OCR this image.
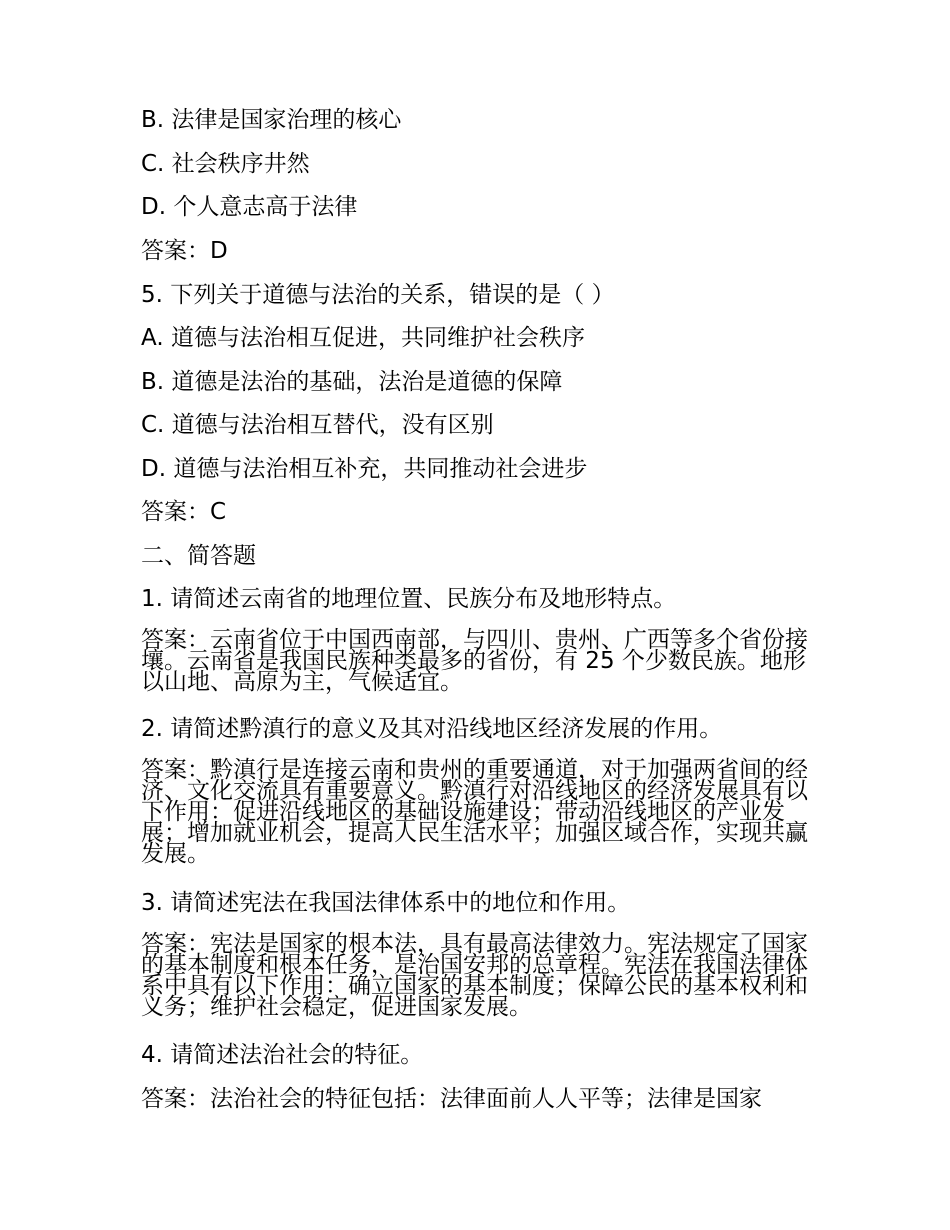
B. 法律是国家治理的核心
C. 社会秩序井然
D. 个人意志高于法律
答案：D
5. 下列关于道德与法治的关系，错误的是（ ）
A. 道德与法治相互促进，共同维护社会秩序
B. 道德是法治的基础，法治是道德的保障
C. 道德与法治相互替代，没有区别
D. 道德与法治相互补充，共同推动社会进步
答案：C
二、简答题
1. 请简述云南省的地理位置、民族分布及地形特点。
答案：云南省位于中国西南部，与四川、贵州、广西等多个省份接壤。云南省是我国民族种类最多的省份，有 25 个少数民族。地形以山地、高原为主，气候适宜。
2. 请简述黔滇行的意义及其对沿线地区经济发展的作用。
答案：黔滇行是连接云南和贵州的重要通道，对于加强两省间的经济、文化交流具有重要意义。黔滇行对沿线地区的经济发展具有以下作用：促进沿线地区的基础设施建设；带动沿线地区的产业发展；增加就业机会，提高人民生活水平；加强区域合作，实现共赢发展。
3. 请简述宪法在我国法律体系中的地位和作用。
答案：宪法是国家的根本法，具有最高法律效力。宪法规定了国家的基本制度和根本任务，是治国安邦的总章程。宪法在我国法律体系中具有以下作用：确立国家的基本制度；保障公民的基本权利和义务；维护社会稳定，促进国家发展。
4. 请简述法治社会的特征。
答案：法治社会的特征包括：法律面前人人平等；法律是国家
